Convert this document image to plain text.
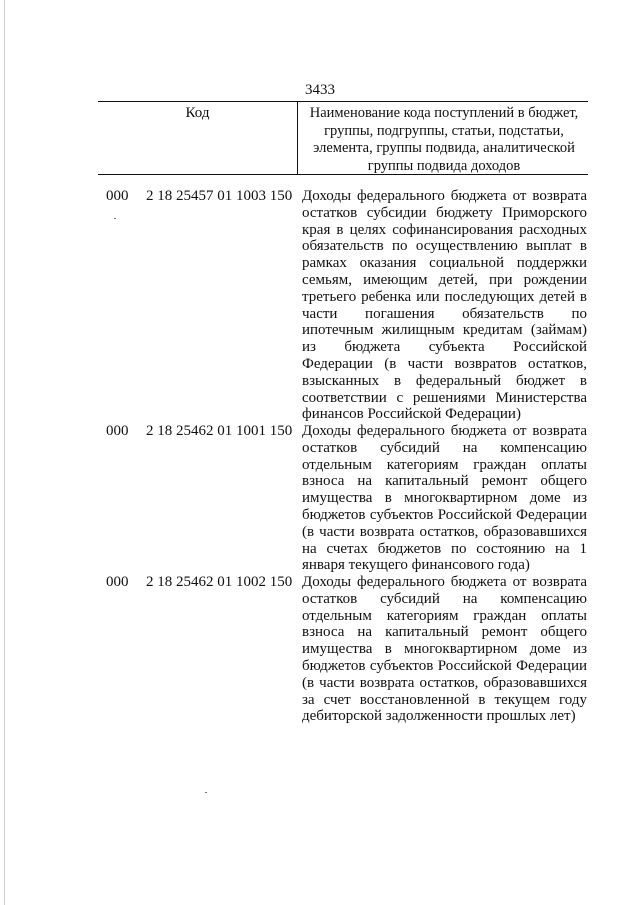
3433
Код	Наименование кода поступлений в бюджет, группы, подгруппы, статьи, подстатьи, элемента, группы подвида, аналитической группы подвида доходов
000 2 18 25457 01 1003 150 Доходы федерального бюджета от возврата остатков субсидии бюджету Приморского края в целях софинансирования расходных обязательств по осуществлению выплат в рамках оказания социальной поддержки семьям, имеющим детей, при рождении третьего ребенка или последующих детей в части погашения обязательств по ипотечным жилищным кредитам (займам) из бюджета субъекта Российской Федерации (в части возвратов остатков, взысканных в федеральный бюджет в соответствии с решениями Министерства финансов Российской Федерации)
000 2 18 25462 01 1001 150 Доходы федерального бюджета от возврата остатков субсидий на компенсацию отдельным категориям граждан оплаты взноса на капитальный ремонт общего имущества в многоквартирном доме из бюджетов субъектов Российской Федерации (в части возврата остатков, образовавшихся на счетах бюджетов по состоянию на 1 января текущего финансового года)
000 2 18 25462 01 1002 150 Доходы федерального бюджета от возврата остатков субсидий на компенсацию отдельным категориям граждан оплаты взноса на капитальный ремонт общего имущества в многоквартирном доме из бюджетов субъектов Российской Федерации (в части возврата остатков, образовавшихся за счет восстановленной в текущем году дебиторской задолженности прошлых лет)
